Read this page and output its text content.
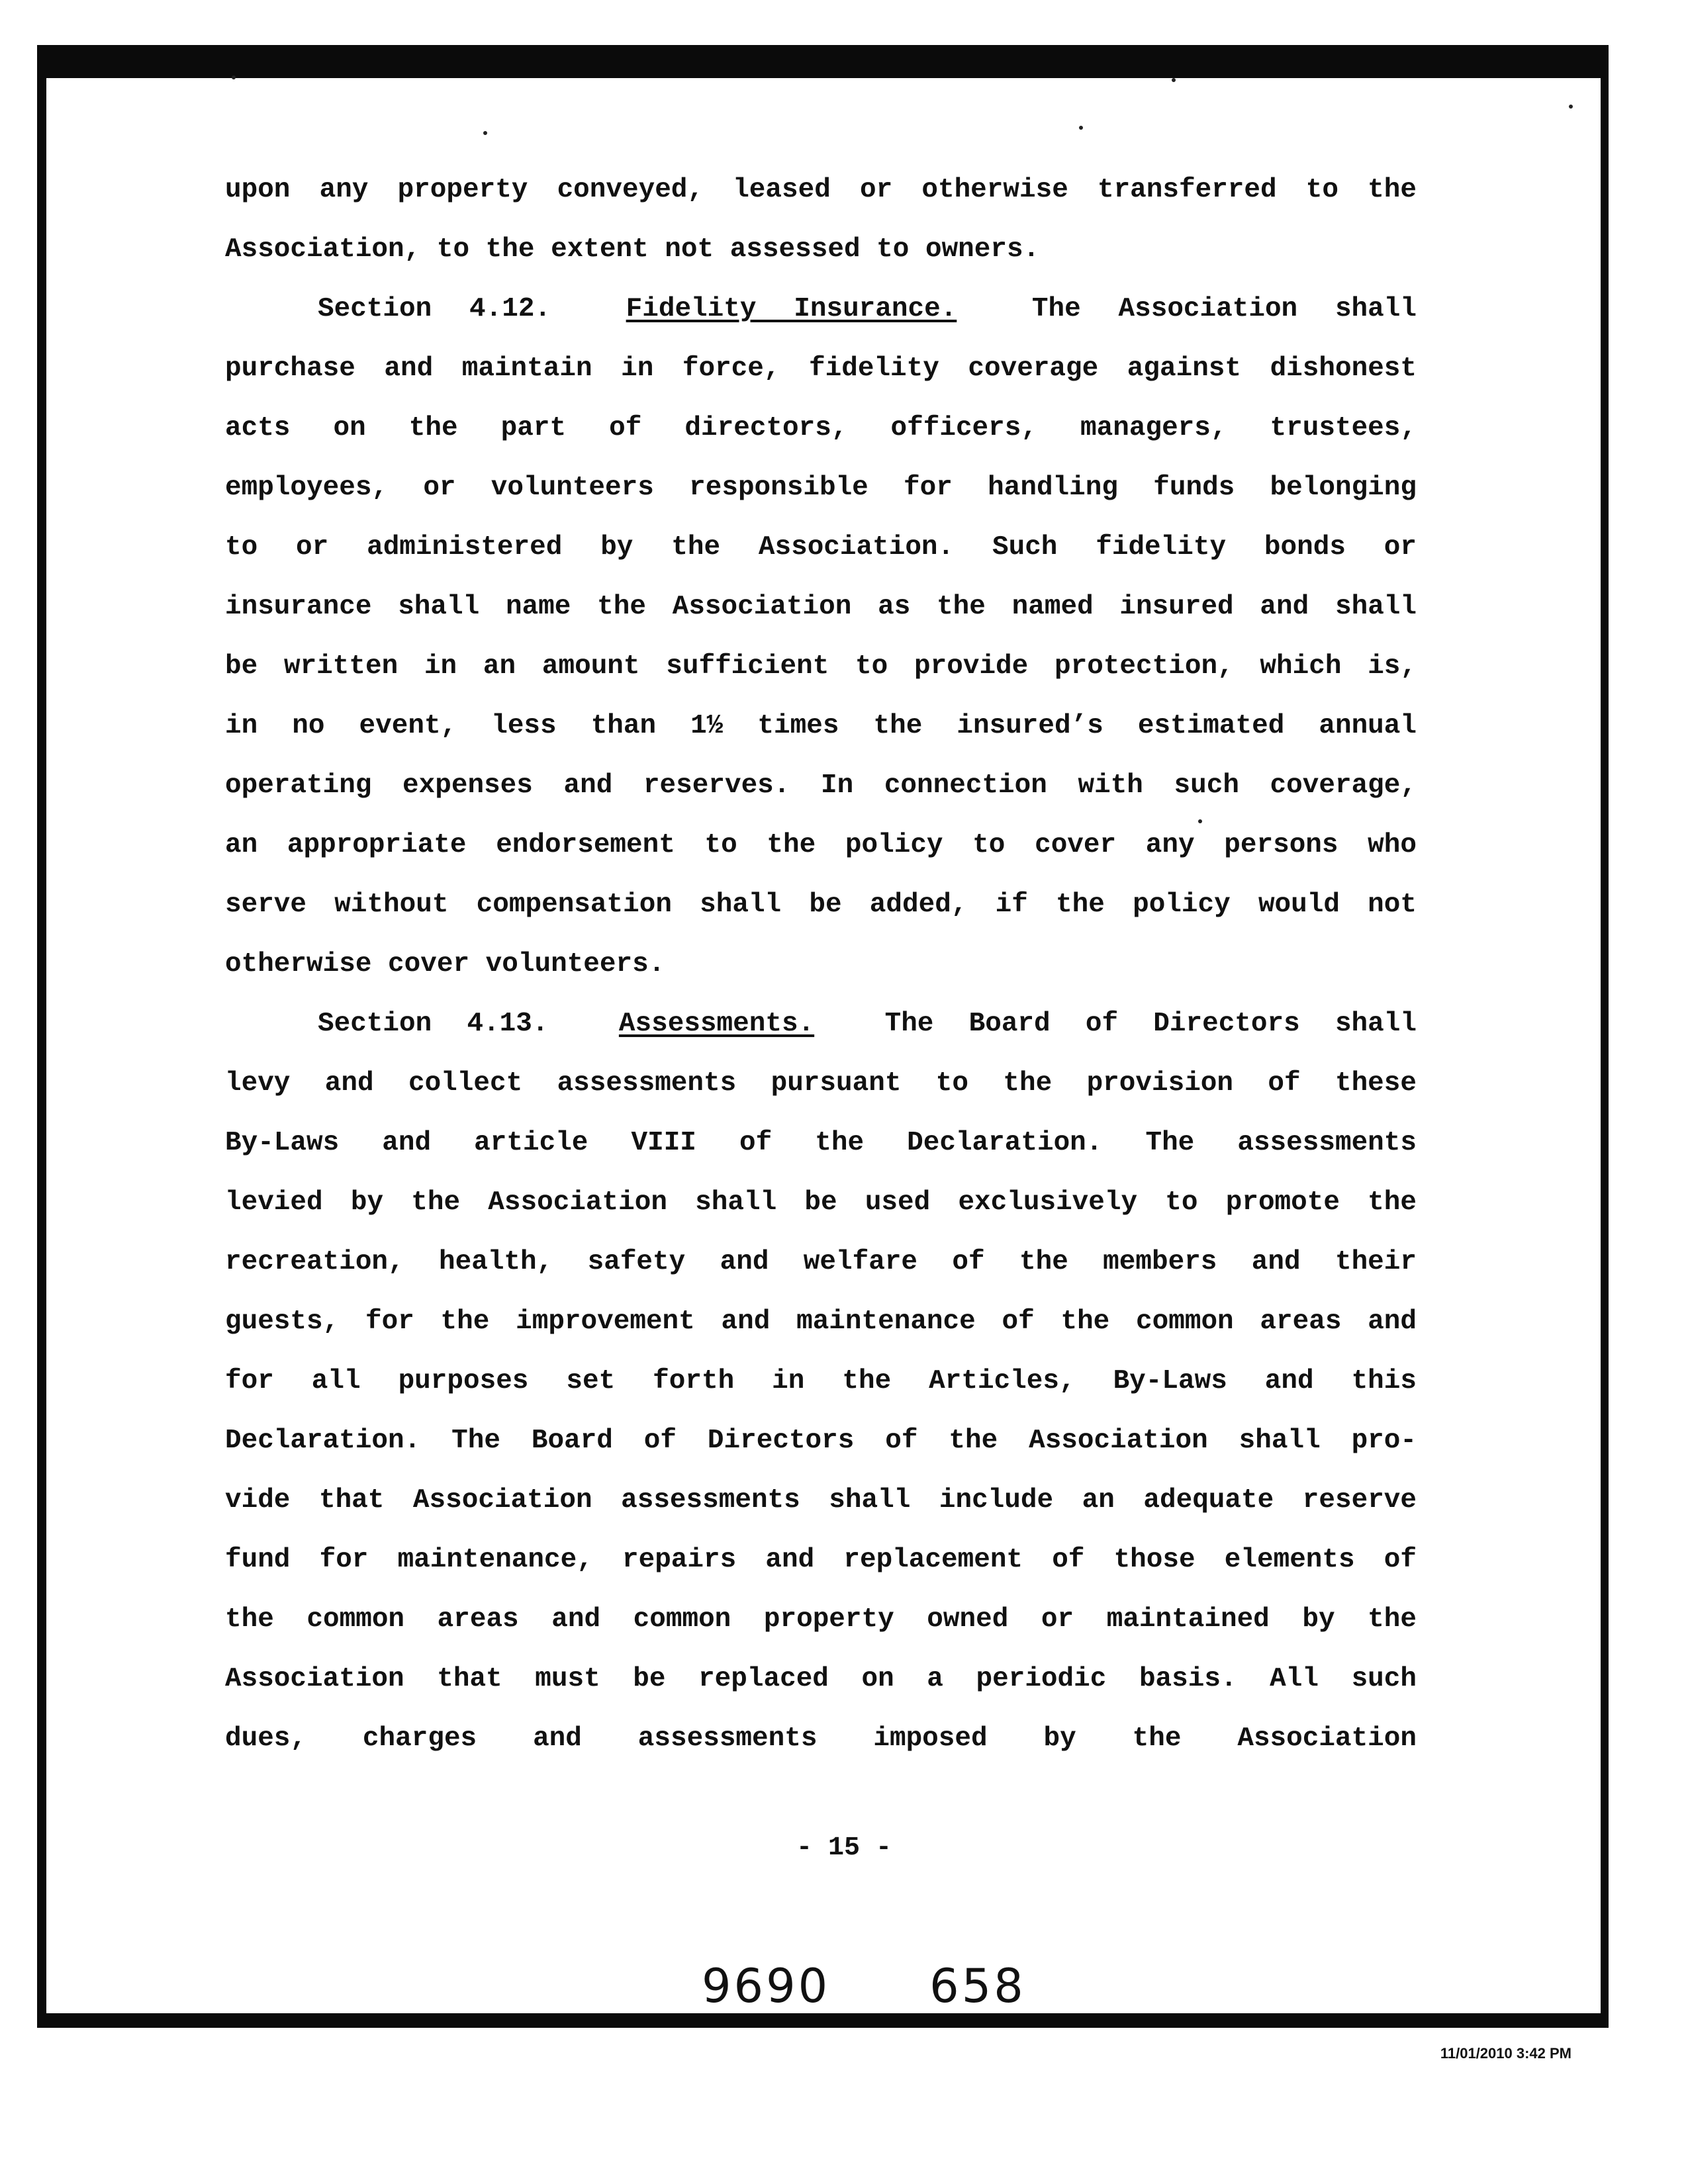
upon any property conveyed, leased or otherwise transferred to the
Association, to the extent not assessed to owners.
Section 4.12.	Fidelity Insurance.	The Association shall
purchase and maintain in force, fidelity coverage against dishonest
acts on the part of directors, officers, managers, trustees,
employees, or volunteers responsible for handling funds belonging
to or administered by the Association. Such fidelity bonds or
insurance shall name the Association as the named insured and shall
be written in an amount sufficient to provide protection, which is,
in no event, less than 1½ times the insured’s estimated annual
operating expenses and reserves. In connection with such coverage,
an appropriate endorsement to the policy to cover any persons who
serve without compensation shall be added, if the policy would not
otherwise cover volunteers.
Section 4.13.	Assessments.	The Board of Directors shall
levy and collect assessments pursuant to the provision of these
By-Laws and article VIII of the Declaration. The assessments
levied by the Association shall be used exclusively to promote the
recreation, health, safety and welfare of the members and their
guests, for the improvement and maintenance of the common areas and
for all purposes set forth in the Articles, By-Laws and this
Declaration. The Board of Directors of the Association shall pro-
vide that Association assessments shall include an adequate reserve
fund for maintenance, repairs and replacement of those elements of
the common areas and common property owned or maintained by the
Association that must be replaced on a periodic basis. All such
dues, charges and assessments imposed by the Association
- 15 -
9690 658
11/01/2010 3:42 PM
